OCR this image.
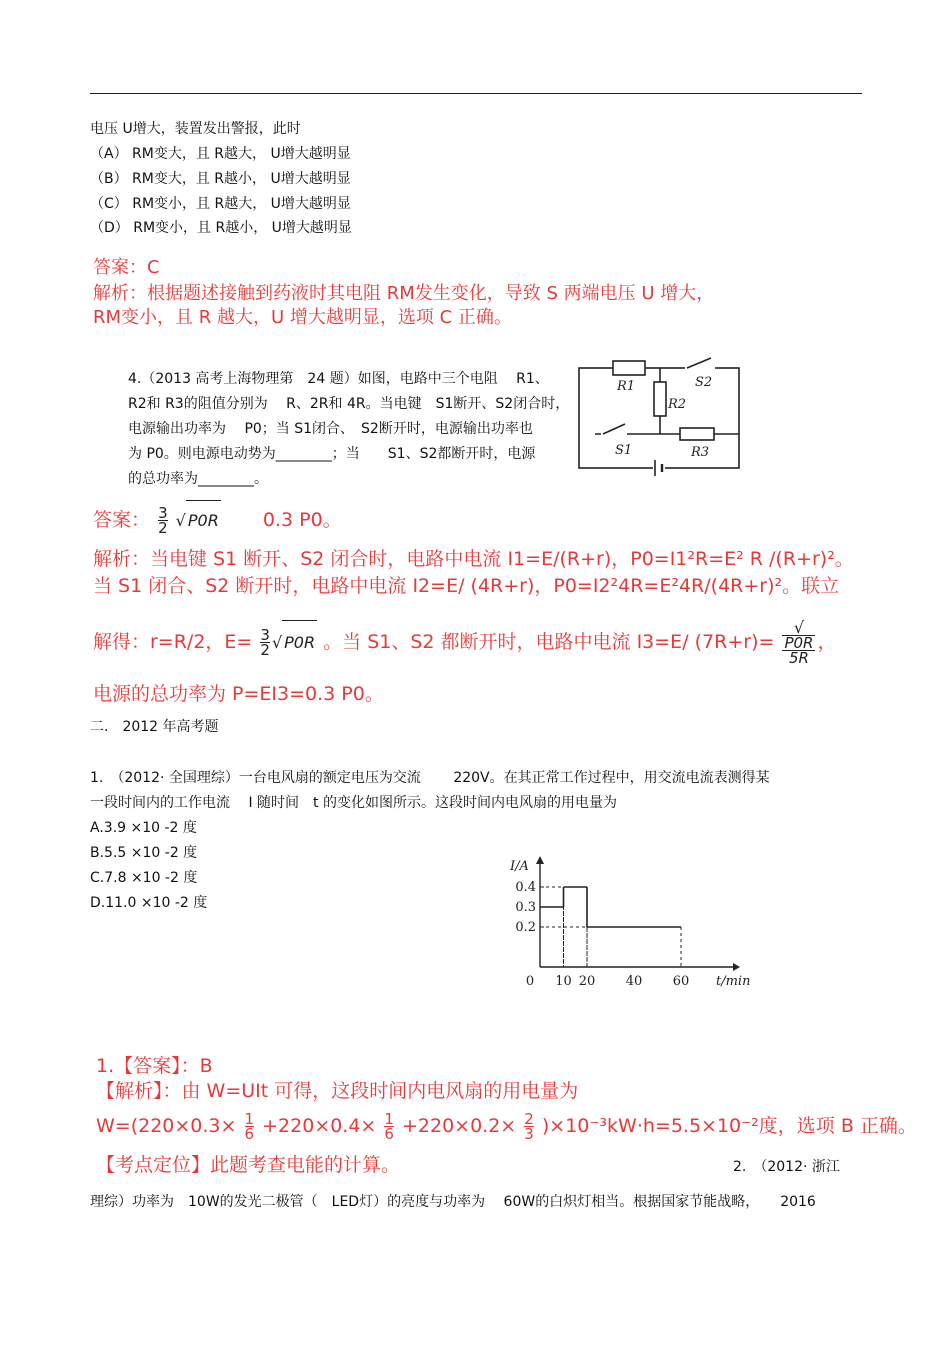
电压 U增大，装置发出警报，此时
（A） RM变大，且 R越大， U增大越明显
（B） RM变大，且 R越小， U增大越明显
（C） RM变小，且 R越大， U增大越明显
（D） RM变小，且 R越小， U增大越明显
答案：C
解析：根据题述接触到药液时其电阻 RM发生变化，导致 S 两端电压 U 增大，
RM变小，且 R 越大，U 增大越明显，选项 C 正确。
4.（2013 高考上海物理第　24 题）如图，电路中三个电阻　 R1、
R2和 R3的阻值分别为　 R、2R和 4R。当电键　S1断开、S2闭合时，
电源输出功率为　 P0；当 S1闭合、　S2断开时，电源输出功率也
为 P0。则电源电动势为________；当　　S1、S2都断开时，电源
的总功率为________。
R1
R2
R3
S1
S2
答案： $\frac{3}{2}$ √ P0R 0.3 P0。
解析：当电键 S1 断开、S2 闭合时，电路中电流 I1=E/(R+r)，P0=I1²R=E² R /(R+r)²。
当 S1 闭合、S2 断开时，电路中电流 I2=E/ (4R+r)，P0=I2²4R=E²4R/(4R+r)²。联立
解得：r=R/2，$E= \frac{3}{2}$ √ P0R 。当 S1、S2 都断开时，电路中电流 I3=E/ (7R+r)= √
P0R
5R ，
电源的总功率为 P=EI3=0.3 P0。
二.　2012 年高考题
1.　（2012· 全国理综）一台电风扇的额定电压为交流　　 220V。在其正常工作过程中，用交流电流表测得某
一段时间内的工作电流　 I 随时间　t 的变化如图所示。这段时间内电风扇的用电量为
A.3.9 ×10 -2 度
B.5.5 ×10 -2 度
C.7.8 ×10 -2 度
D.11.0 ×10 -2 度
0.2
0.3
0.4
0 10 20 40 60
I/A
t/min
1.【答案】：B
【解析】：由 W=UIt 可得，这段时间内电风扇的用电量为
$W=(220\times 0.3\times \frac{1}{6} +220\times 0.4\times \frac{1}{6} +220\times 0.2\times \frac{2}{3} )\times 10^{-3}kW\cdot h=5.5\times 10^{-2}$度，选项 B 正确。
【考点定位】此题考查电能的计算。	2.　（2012· 浙江
理综）功率为　10W的发光二极管（　LED灯）的亮度与功率为　 60W的白炽灯相当。根据国家节能战略，　　2016
